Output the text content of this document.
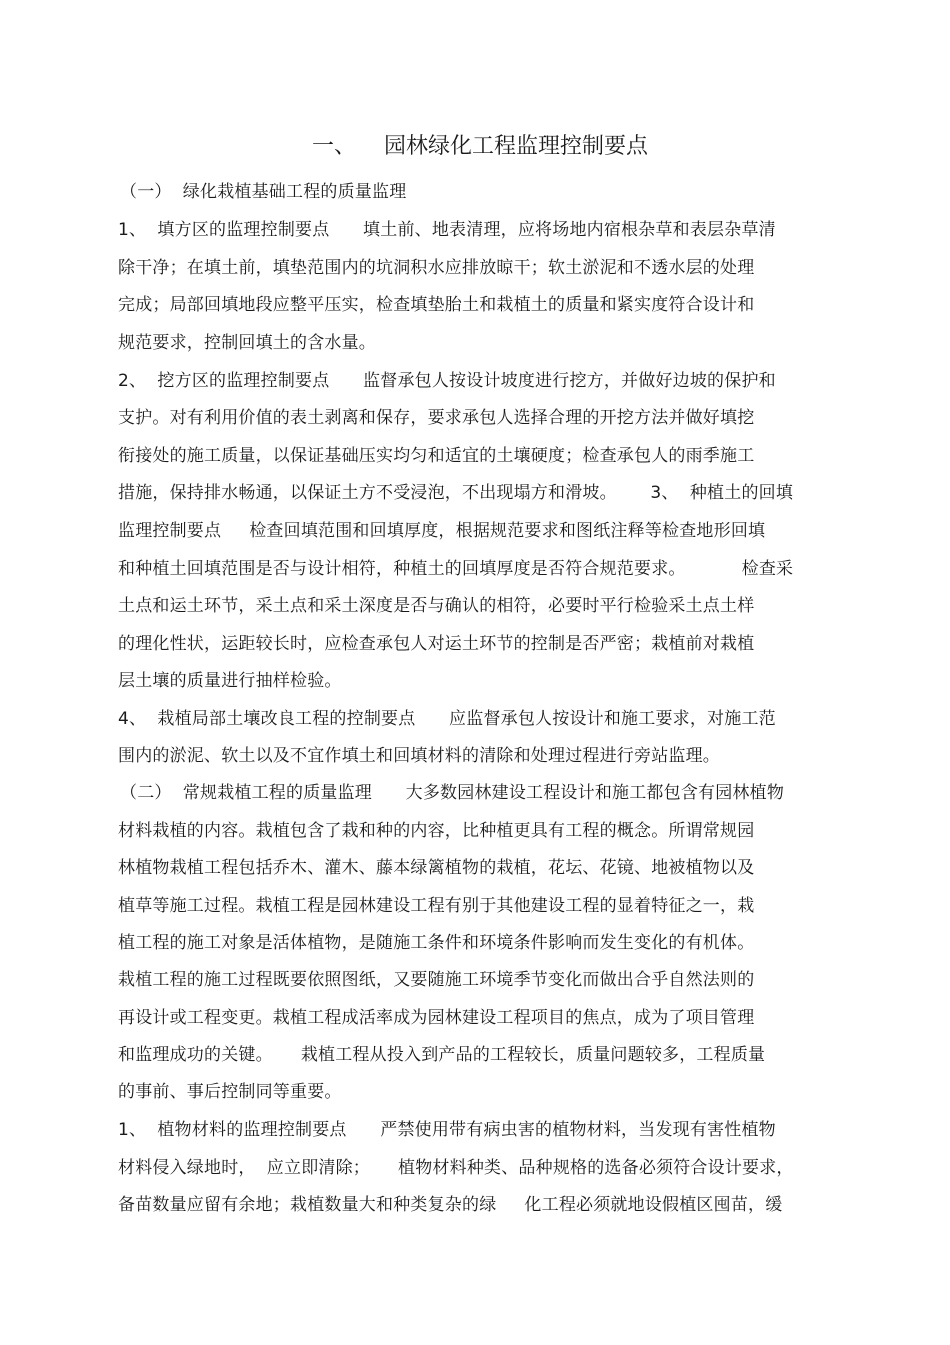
一、    园林绿化工程监理控制要点
（一）  绿化栽植基础工程的质量监理
1、  填方区的监理控制要点      填土前、地表清理，应将场地内宿根杂草和表层杂草清
除干净；在填土前，填垫范围内的坑洞积水应排放晾干；软土淤泥和不透水层的处理
完成；局部回填地段应整平压实，检查填垫胎土和栽植土的质量和紧实度符合设计和
规范要求，控制回填土的含水量。
2、  挖方区的监理控制要点      监督承包人按设计坡度进行挖方，并做好边坡的保护和
支护。对有利用价值的表土剥离和保存，要求承包人选择合理的开挖方法并做好填挖
衔接处的施工质量，以保证基础压实均匀和适宜的土壤硬度；检查承包人的雨季施工
措施，保持排水畅通，以保证土方不受浸泡，不出现塌方和滑坡。      3、  种植土的回填
监理控制要点     检查回填范围和回填厚度，根据规范要求和图纸注释等检查地形回填
和种植土回填范围是否与设计相符，种植土的回填厚度是否符合规范要求。          检查采
土点和运土环节，采土点和采土深度是否与确认的相符，必要时平行检验采土点土样
的理化性状，运距较长时，应检查承包人对运土环节的控制是否严密；栽植前对栽植
层土壤的质量进行抽样检验。
4、  栽植局部土壤改良工程的控制要点      应监督承包人按设计和施工要求，对施工范
围内的淤泥、软土以及不宜作填土和回填材料的清除和处理过程进行旁站监理。
（二）  常规栽植工程的质量监理      大多数园林建设工程设计和施工都包含有园林植物
材料栽植的内容。栽植包含了栽和种的内容，比种植更具有工程的概念。所谓常规园
林植物栽植工程包括乔木、灌木、藤本绿篱植物的栽植，花坛、花镜、地被植物以及
植草等施工过程。栽植工程是园林建设工程有别于其他建设工程的显着特征之一，栽
植工程的施工对象是活体植物，是随施工条件和环境条件影响而发生变化的有机体。
栽植工程的施工过程既要依照图纸，又要随施工环境季节变化而做出合乎自然法则的
再设计或工程变更。栽植工程成活率成为园林建设工程项目的焦点，成为了项目管理
和监理成功的关键。     栽植工程从投入到产品的工程较长，质量问题较多，工程质量
的事前、事后控制同等重要。
1、  植物材料的监理控制要点      严禁使用带有病虫害的植物材料，当发现有害性植物
材料侵入绿地时，  应立即清除；     植物材料种类、品种规格的选备必须符合设计要求，
备苗数量应留有余地；栽植数量大和种类复杂的绿     化工程必须就地设假植区囤苗，缓
